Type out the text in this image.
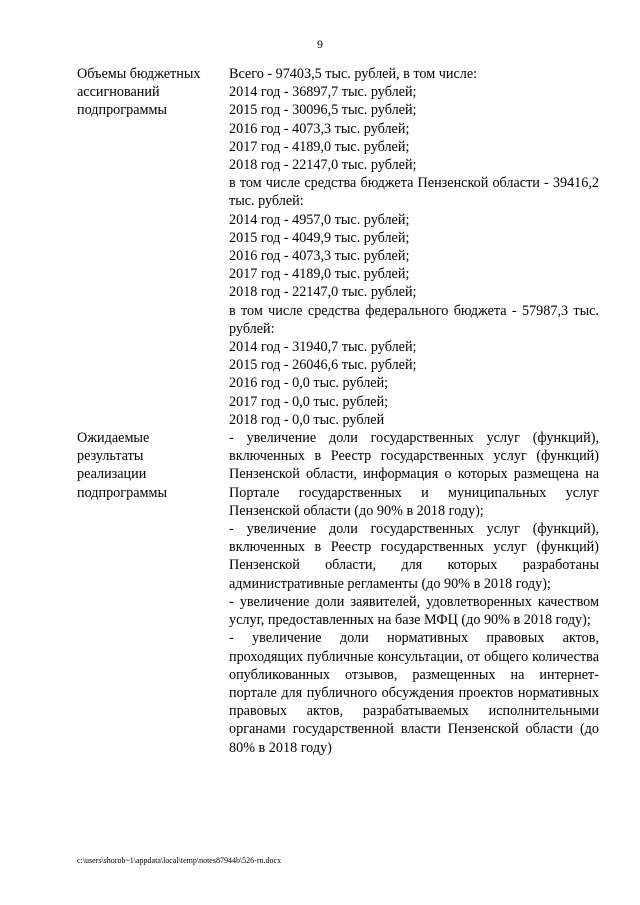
9
Объемы бюджетных
ассигнований
подпрограммы
Всего - 97403,5 тыс. рублей, в том числе:
2014 год - 36897,7 тыс. рублей;
2015 год - 30096,5 тыс. рублей;
2016 год - 4073,3 тыс. рублей;
2017 год - 4189,0 тыс. рублей;
2018 год - 22147,0 тыс. рублей;
в том числе средства бюджета Пензенской области - 39416,2 тыс. рублей:
2014 год - 4957,0 тыс. рублей;
2015 год - 4049,9 тыс. рублей;
2016 год - 4073,3 тыс. рублей;
2017 год - 4189,0 тыс. рублей;
2018 год - 22147,0 тыс. рублей;
в том числе средства федерального бюджета - 57987,3 тыс. рублей:
2014 год - 31940,7 тыс. рублей;
2015 год - 26046,6 тыс. рублей;
2016 год - 0,0 тыс. рублей;
2017 год - 0,0 тыс. рублей;
2018 год - 0,0 тыс. рублей
Ожидаемые
результаты
реализации
подпрограммы
- увеличение доли государственных услуг (функций), включенных в Реестр государственных услуг (функций) Пензенской области, информация о которых размещена на Портале государственных и муниципальных услуг Пензенской области (до 90% в 2018 году);
- увеличение доли государственных услуг (функций), включенных в Реестр государственных услуг (функций) Пензенской области, для которых разработаны административные регламенты (до 90% в 2018 году);
- увеличение доли заявителей, удовлетворенных качеством услуг, предоставленных на базе МФЦ (до 90% в 2018 году);
- увеличение доли нормативных правовых актов, проходящих публичные консультации, от общего количества опубликованных отзывов, размещенных на интернет-портале для публичного обсуждения проектов нормативных правовых актов, разрабатываемых исполнительными органами государственной власти Пензенской области (до 80% в 2018 году)
c:\users\shorob~1\appdata\local\temp\notes87944b\526-rn.docx
